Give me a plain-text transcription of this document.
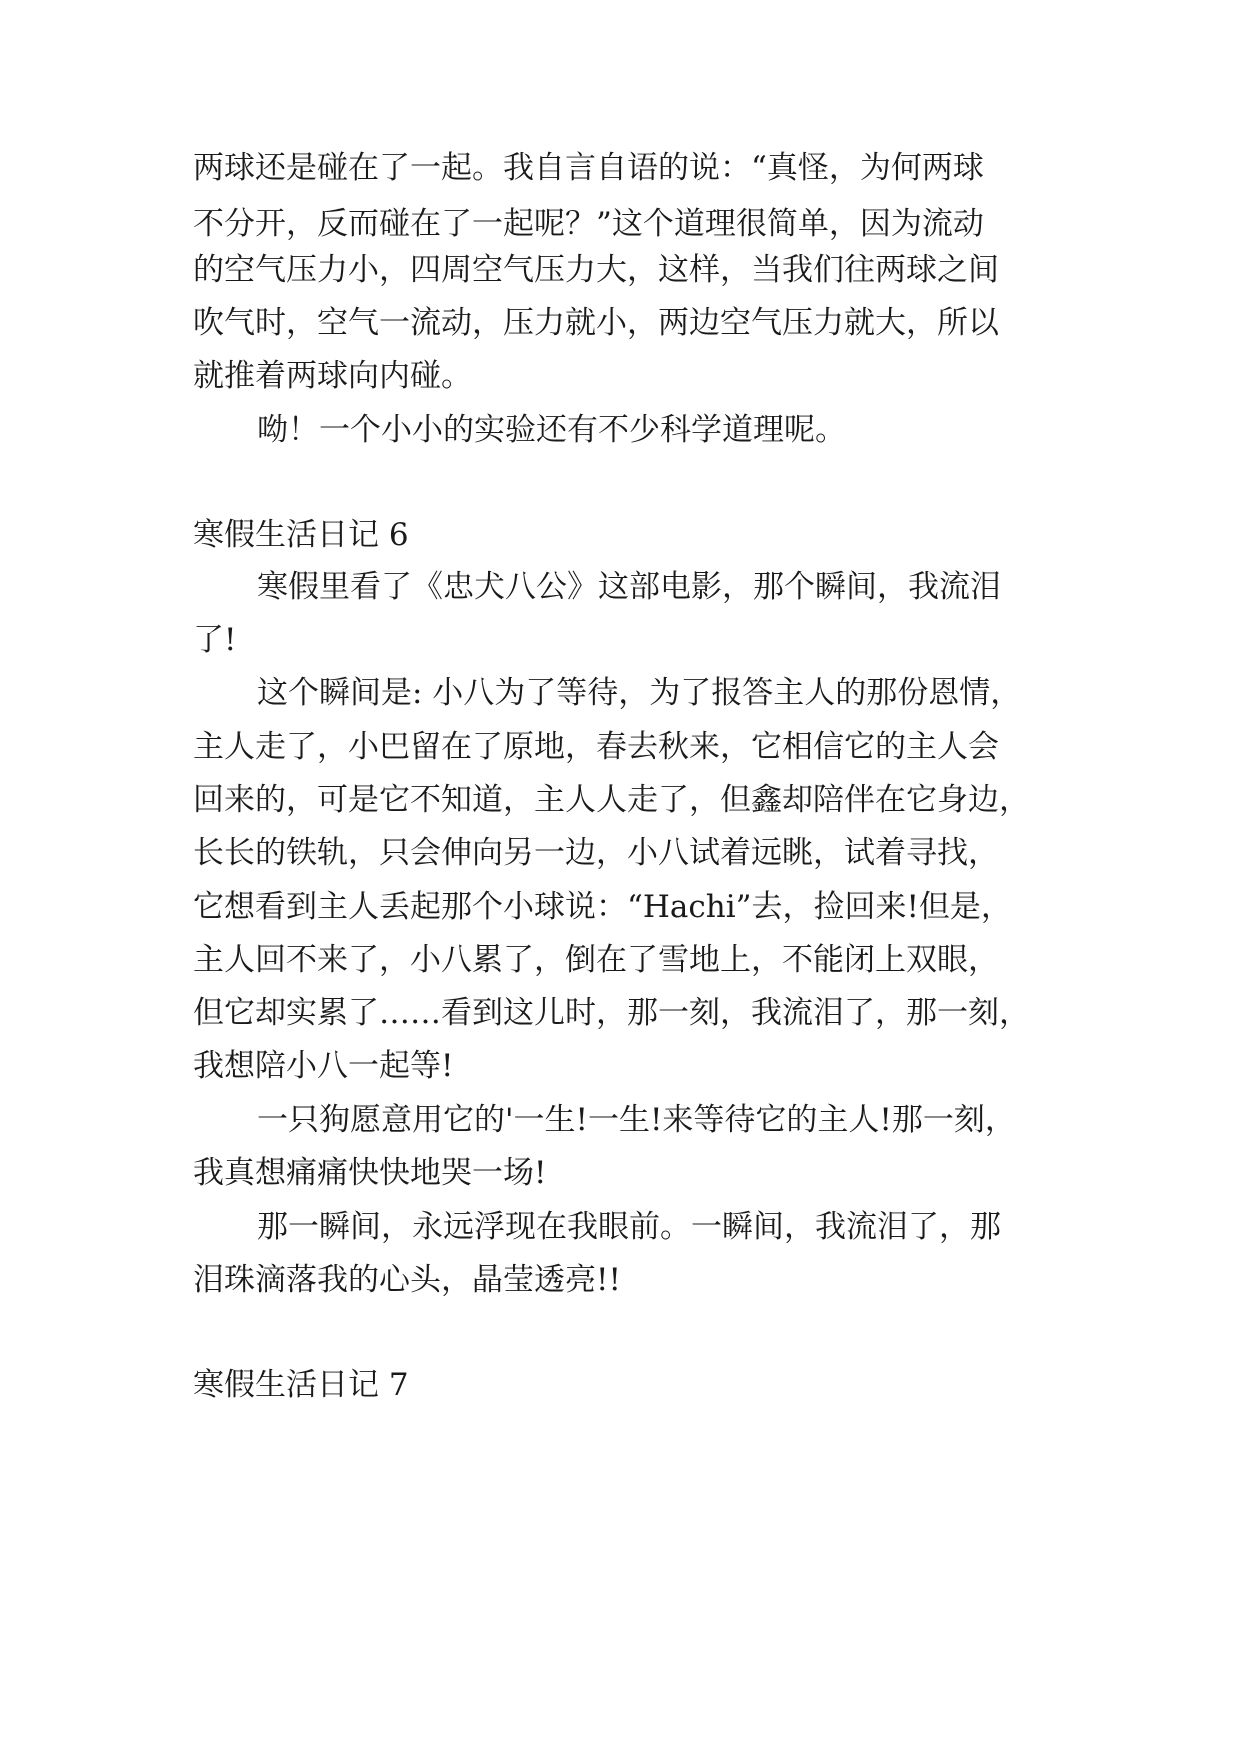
两球还是碰在了一起。我自言自语的说：“真怪，为何两球
不分开，反而碰在了一起呢？”这个道理很简单，因为流动
的空气压力小，四周空气压力大，这样，当我们往两球之间
吹气时，空气一流动，压力就小，两边空气压力就大，所以
就推着两球向内碰。
呦！一个小小的实验还有不少科学道理呢。
寒假生活日记 6
寒假里看了《忠犬八公》这部电影，那个瞬间，我流泪
了!
这个瞬间是: 小八为了等待，为了报答主人的那份恩情，
主人走了，小巴留在了原地，春去秋来，它相信它的主人会
回来的，可是它不知道，主人人走了，但鑫却陪伴在它身边，
长长的铁轨，只会伸向另一边，小八试着远眺，试着寻找，
它想看到主人丢起那个小球说：“Hachi”去，捡回来!但是，
主人回不来了，小八累了，倒在了雪地上，不能闭上双眼，
但它却实累了……看到这儿时，那一刻，我流泪了，那一刻，
我想陪小八一起等!
一只狗愿意用它的'一生!一生!来等待它的主人!那一刻，
我真想痛痛快快地哭一场!
那一瞬间，永远浮现在我眼前。一瞬间，我流泪了，那
泪珠滴落我的心头，晶莹透亮!!
寒假生活日记 7
